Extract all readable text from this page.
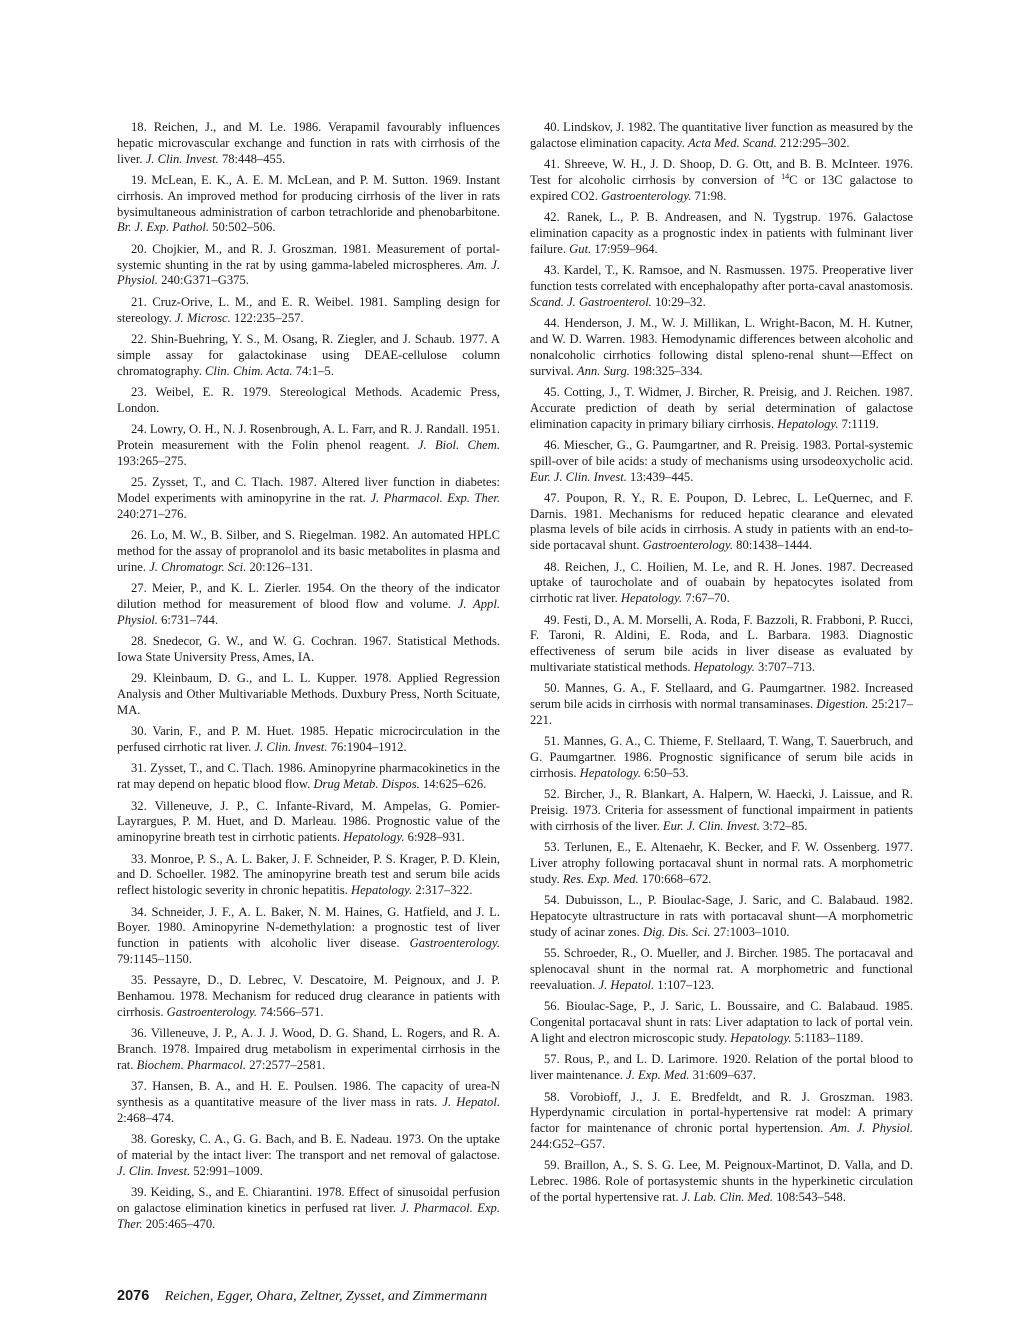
18. Reichen, J., and M. Le. 1986. Verapamil favourably influences hepatic microvascular exchange and function in rats with cirrhosis of the liver. J. Clin. Invest. 78:448–455.

19. McLean, E. K., A. E. M. McLean, and P. M. Sutton. 1969. Instant cirrhosis. An improved method for producing cirrhosis of the liver in rats bysimultaneous administration of carbon tetrachloride and phenobarbitone. Br. J. Exp. Pathol. 50:502–506.

20. Chojkier, M., and R. J. Groszman. 1981. Measurement of portal-systemic shunting in the rat by using gamma-labeled microspheres. Am. J. Physiol. 240:G371–G375.

21. Cruz-Orive, L. M., and E. R. Weibel. 1981. Sampling design for stereology. J. Microsc. 122:235–257.

22. Shin-Buehring, Y. S., M. Osang, R. Ziegler, and J. Schaub. 1977. A simple assay for galactokinase using DEAE-cellulose column chromatography. Clin. Chim. Acta. 74:1–5.

23. Weibel, E. R. 1979. Stereological Methods. Academic Press, London.

24. Lowry, O. H., N. J. Rosenbrough, A. L. Farr, and R. J. Randall. 1951. Protein measurement with the Folin phenol reagent. J. Biol. Chem. 193:265–275.

25. Zysset, T., and C. Tlach. 1987. Altered liver function in diabetes: Model experiments with aminopyrine in the rat. J. Pharmacol. Exp. Ther. 240:271–276.

26. Lo, M. W., B. Silber, and S. Riegelman. 1982. An automated HPLC method for the assay of propranolol and its basic metabolites in plasma and urine. J. Chromatogr. Sci. 20:126–131.

27. Meier, P., and K. L. Zierler. 1954. On the theory of the indicator dilution method for measurement of blood flow and volume. J. Appl. Physiol. 6:731–744.

28. Snedecor, G. W., and W. G. Cochran. 1967. Statistical Methods. Iowa State University Press, Ames, IA.

29. Kleinbaum, D. G., and L. L. Kupper. 1978. Applied Regression Analysis and Other Multivariable Methods. Duxbury Press, North Scituate, MA.

30. Varin, F., and P. M. Huet. 1985. Hepatic microcirculation in the perfused cirrhotic rat liver. J. Clin. Invest. 76:1904–1912.

31. Zysset, T., and C. Tlach. 1986. Aminopyrine pharmacokinetics in the rat may depend on hepatic blood flow. Drug Metab. Dispos. 14:625–626.

32. Villeneuve, J. P., C. Infante-Rivard, M. Ampelas, G. Pomier-Layrargues, P. M. Huet, and D. Marleau. 1986. Prognostic value of the aminopyrine breath test in cirrhotic patients. Hepatology. 6:928–931.

33. Monroe, P. S., A. L. Baker, J. F. Schneider, P. S. Krager, P. D. Klein, and D. Schoeller. 1982. The aminopyrine breath test and serum bile acids reflect histologic severity in chronic hepatitis. Hepatology. 2:317–322.

34. Schneider, J. F., A. L. Baker, N. M. Haines, G. Hatfield, and J. L. Boyer. 1980. Aminopyrine N-demethylation: a prognostic test of liver function in patients with alcoholic liver disease. Gastroenterology. 79:1145–1150.

35. Pessayre, D., D. Lebrec, V. Descatoire, M. Peignoux, and J. P. Benhamou. 1978. Mechanism for reduced drug clearance in patients with cirrhosis. Gastroenterology. 74:566–571.

36. Villeneuve, J. P., A. J. J. Wood, D. G. Shand, L. Rogers, and R. A. Branch. 1978. Impaired drug metabolism in experimental cirrhosis in the rat. Biochem. Pharmacol. 27:2577–2581.

37. Hansen, B. A., and H. E. Poulsen. 1986. The capacity of urea-N synthesis as a quantitative measure of the liver mass in rats. J. Hepatol. 2:468–474.

38. Goresky, C. A., G. G. Bach, and B. E. Nadeau. 1973. On the uptake of material by the intact liver: The transport and net removal of galactose. J. Clin. Invest. 52:991–1009.

39. Keiding, S., and E. Chiarantini. 1978. Effect of sinusoidal perfusion on galactose elimination kinetics in perfused rat liver. J. Pharmacol. Exp. Ther. 205:465–470.

40. Lindskov, J. 1982. The quantitative liver function as measured by the galactose elimination capacity. Acta Med. Scand. 212:295–302.

41. Shreeve, W. H., J. D. Shoop, D. G. Ott, and B. B. McInteer. 1976. Test for alcoholic cirrhosis by conversion of $^{14}$C or 13C galactose to expired CO2. Gastroenterology. 71:98.

42. Ranek, L., P. B. Andreasen, and N. Tygstrup. 1976. Galactose elimination capacity as a prognostic index in patients with fulminant liver failure. Gut. 17:959–964.

43. Kardel, T., K. Ramsoe, and N. Rasmussen. 1975. Preoperative liver function tests correlated with encephalopathy after porta-caval anastomosis. Scand. J. Gastroenterol. 10:29–32.

44. Henderson, J. M., W. J. Millikan, L. Wright-Bacon, M. H. Kutner, and W. D. Warren. 1983. Hemodynamic differences between alcoholic and nonalcoholic cirrhotics following distal spleno-renal shunt—Effect on survival. Ann. Surg. 198:325–334.

45. Cotting, J., T. Widmer, J. Bircher, R. Preisig, and J. Reichen. 1987. Accurate prediction of death by serial determination of galactose elimination capacity in primary biliary cirrhosis. Hepatology. 7:1119.

46. Miescher, G., G. Paumgartner, and R. Preisig. 1983. Portal-systemic spill-over of bile acids: a study of mechanisms using ursodeoxycholic acid. Eur. J. Clin. Invest. 13:439–445.

47. Poupon, R. Y., R. E. Poupon, D. Lebrec, L. LeQuernec, and F. Darnis. 1981. Mechanisms for reduced hepatic clearance and elevated plasma levels of bile acids in cirrhosis. A study in patients with an end-to-side portacaval shunt. Gastroenterology. 80:1438–1444.

48. Reichen, J., C. Hoilien, M. Le, and R. H. Jones. 1987. Decreased uptake of taurocholate and of ouabain by hepatocytes isolated from cirrhotic rat liver. Hepatology. 7:67–70.

49. Festi, D., A. M. Morselli, A. Roda, F. Bazzoli, R. Frabboni, P. Rucci, F. Taroni, R. Aldini, E. Roda, and L. Barbara. 1983. Diagnostic effectiveness of serum bile acids in liver disease as evaluated by multivariate statistical methods. Hepatology. 3:707–713.

50. Mannes, G. A., F. Stellaard, and G. Paumgartner. 1982. Increased serum bile acids in cirrhosis with normal transaminases. Digestion. 25:217–221.

51. Mannes, G. A., C. Thieme, F. Stellaard, T. Wang, T. Sauerbruch, and G. Paumgartner. 1986. Prognostic significance of serum bile acids in cirrhosis. Hepatology. 6:50–53.

52. Bircher, J., R. Blankart, A. Halpern, W. Haecki, J. Laissue, and R. Preisig. 1973. Criteria for assessment of functional impairment in patients with cirrhosis of the liver. Eur. J. Clin. Invest. 3:72–85.

53. Terlunen, E., E. Altenaehr, K. Becker, and F. W. Ossenberg. 1977. Liver atrophy following portacaval shunt in normal rats. A morphometric study. Res. Exp. Med. 170:668–672.

54. Dubuisson, L., P. Bioulac-Sage, J. Saric, and C. Balabaud. 1982. Hepatocyte ultrastructure in rats with portacaval shunt—A morphometric study of acinar zones. Dig. Dis. Sci. 27:1003–1010.

55. Schroeder, R., O. Mueller, and J. Bircher. 1985. The portacaval and splenocaval shunt in the normal rat. A morphometric and functional reevaluation. J. Hepatol. 1:107–123.

56. Bioulac-Sage, P., J. Saric, L. Boussaire, and C. Balabaud. 1985. Congenital portacaval shunt in rats: Liver adaptation to lack of portal vein. A light and electron microscopic study. Hepatology. 5:1183–1189.

57. Rous, P., and L. D. Larimore. 1920. Relation of the portal blood to liver maintenance. J. Exp. Med. 31:609–637.

58. Vorobioff, J., J. E. Bredfeldt, and R. J. Groszman. 1983. Hyperdynamic circulation in portal-hypertensive rat model: A primary factor for maintenance of chronic portal hypertension. Am. J. Physiol. 244:G52–G57.

59. Braillon, A., S. S. G. Lee, M. Peignoux-Martinot, D. Valla, and D. Lebrec. 1986. Role of portasystemic shunts in the hyperkinetic circulation of the portal hypertensive rat. J. Lab. Clin. Med. 108:543–548.

2076 Reichen, Egger, Ohara, Zeltner, Zysset, and Zimmermann
